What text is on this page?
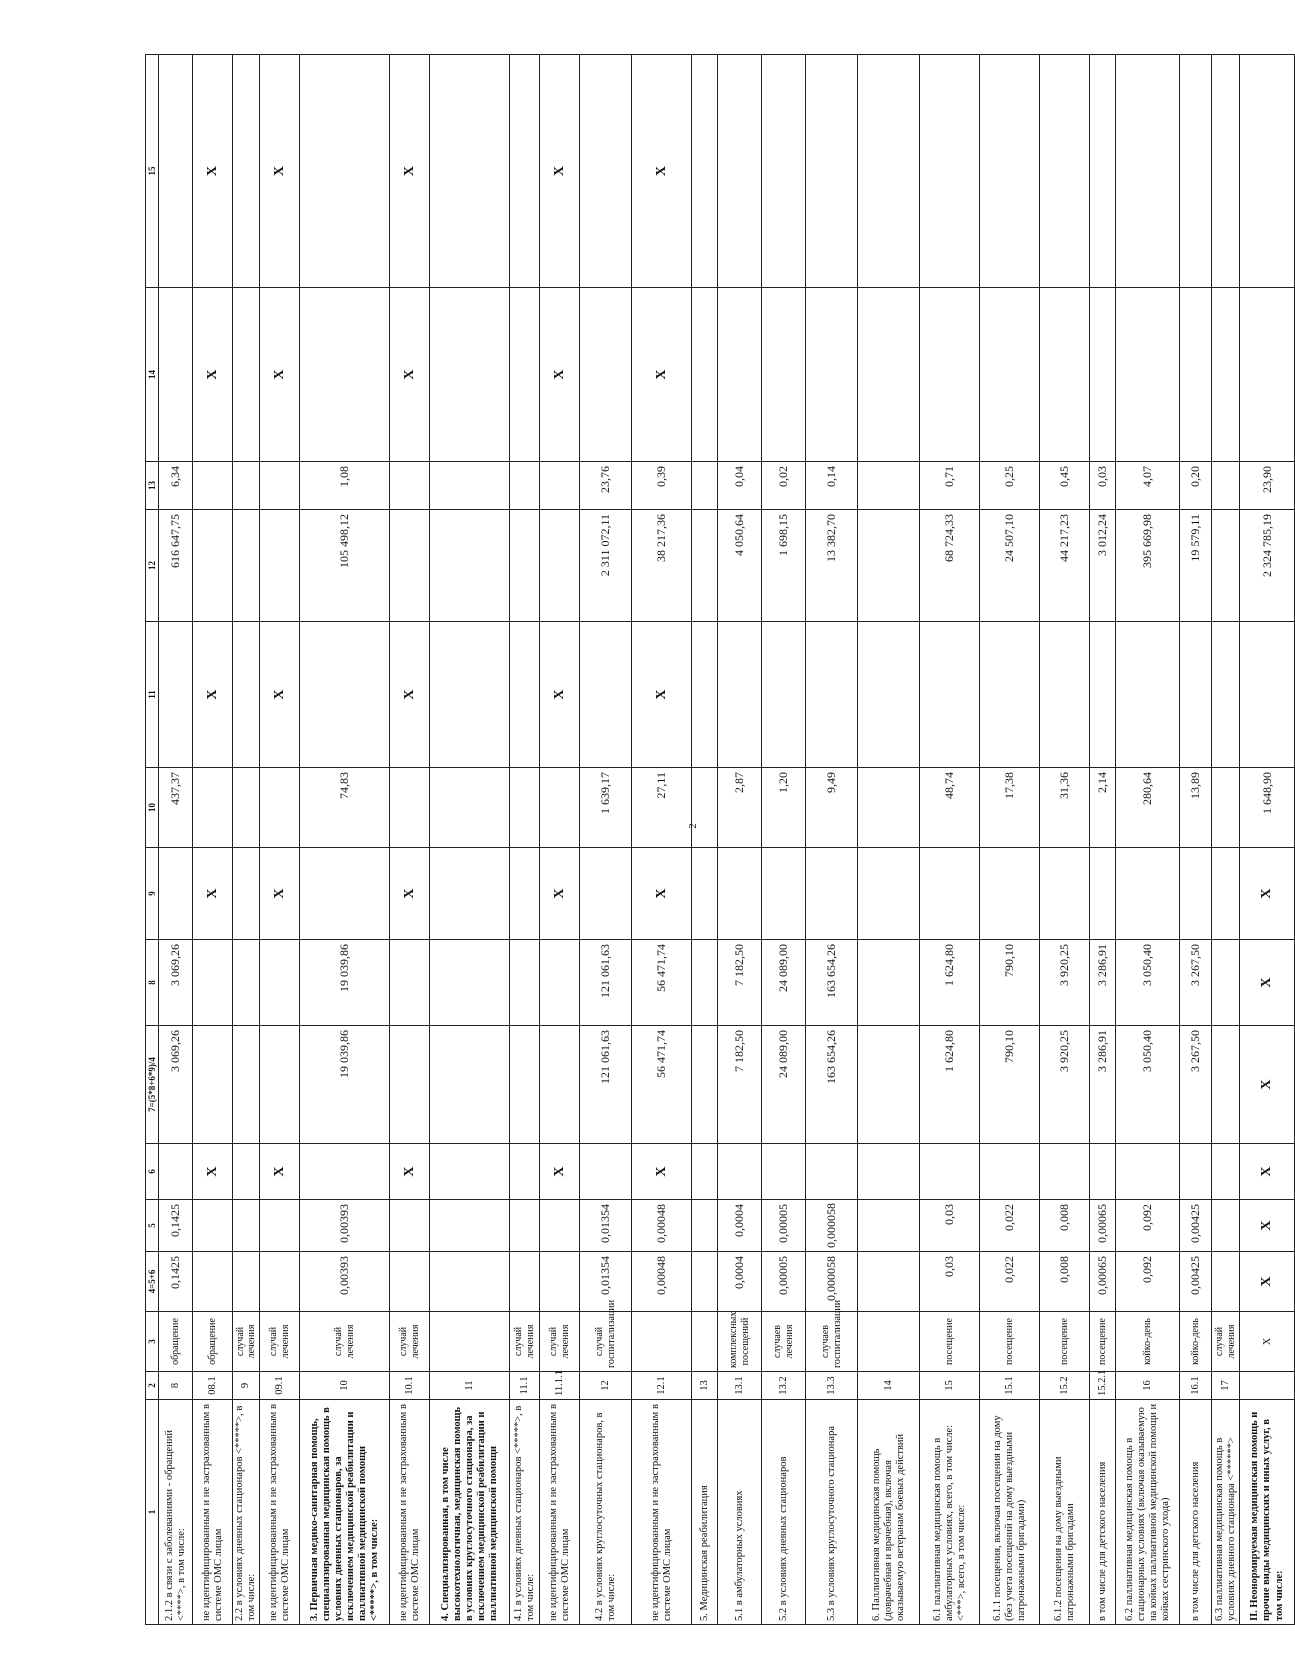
2
1	2	3	4=5+6	5	6	7=(5*8+6*9)/4	8	9	10	11	12	13	14	15
2.1.2 в связи с заболеваниями - обращений <****>, в том числе:	8	обращение	0,1425	0,1425		3 069,26	3 069,26		437,37		616 647,75	6,34		
не идентифицированным и не застрахованным в системе ОМС лицам	08.1	обращение			X			X		X			X	X
2.2 в условиях дневных стационаров <*****>, в том числе:	9	случай лечения												
не идентифицированным и не застрахованным в системе ОМС лицам	09.1	случай лечения			X			X		X			X	X
3. Первичная медико-санитарная помощь, специализированная медицинская помощь в условиях дневных стационаров, за исключением медицинской реабилитации и паллиативной медицинской помощи <*****>, в том числе:	10	случай лечения	0,00393	0,00393		19 039,86	19 039,86		74,83		105 498,12	1,08		
не идентифицированным и не застрахованным в системе ОМС лицам	10.1	случай лечения			X			X		X			X	X
4. Специализированная, в том числе высокотехнологичная, медицинская помощь в условиях круглосуточного стационара, за исключением медицинской реабилитации и паллиативной медицинской помощи	11													
4.1 в условиях дневных стационаров <*****>, в том числе:	11.1	случай лечения												
не идентифицированным и не застрахованным в системе ОМС лицам	11.1.1	случай лечения			X			X		X			X	X
4.2 в условиях круглосуточных стационаров, в том числе:	12	случай госпитализации	0,01354	0,01354		121 061,63	121 061,63		1 639,17		2 311 072,11	23,76		
не идентифицированным и не застрахованным в системе ОМС лицам	12.1		0,00048	0,00048	X	56 471,74	56 471,74	X	27,11	X	38 217,36	0,39	X	X
5. Медицинская реабилитация	13													
5.1 в амбулаторных условиях	13.1	комплексных посещений	0,0004	0,0004		7 182,50	7 182,50		2,87		4 050,64	0,04		
5.2 в условиях дневных стационаров	13.2	случаев лечения	0,00005	0,00005		24 089,00	24 089,00		1,20		1 698,15	0,02		
5.3 в условиях круглосуточного стационара	13.3	случаев госпитализации	0,000058	0,000058		163 654,26	163 654,26		9,49		13 382,70	0,14		
6. Паллиативная медицинская помощь (доврачебная и врачебная), включая оказываемую ветеранам боевых действий	14													
6.1 паллиативная медицинская помощь в амбулаторных условиях, всего, в том числе: <***>, всего, в том числе:	15	посещение	0,03	0,03		1 624,80	1 624,80		48,74		68 724,33	0,71		
6.1.1 посещения, включая посещения на дому (без учета посещений на дому выездными патронажными бригадами)	15.1	посещение	0,022	0,022		790,10	790,10		17,38		24 507,10	0,25		
6.1.2 посещения на дому выездными патронажными бригадами	15.2	посещение	0,008	0,008		3 920,25	3 920,25		31,36		44 217,23	0,45		
в том числе для детского населения	15.2.1	посещение	0,00065	0,00065		3 286,91	3 286,91		2,14		3 012,24	0,03		
6.2 паллиативная медицинская помощь в стационарных условиях (включая оказываемую на койках паллиативной медицинской помощи и койках сестринского ухода)	16	койко-день	0,092	0,092		3 050,40	3 050,40		280,64		395 669,98	4,07		
в том числе для детского населения	16.1	койко-день	0,00425	0,00425		3 267,50	3 267,50		13,89		19 579,11	0,20		
6.3 паллиативная медицинская помощь в условиях дневного стационара <******>	17	случай лечения												
II. Неонормируемая медицинская помощь и прочие виды медицинских и иных услуг, в том числе:		X	X	X	X	X	X	X	1 648,90		2 324 785,19	23,90		
